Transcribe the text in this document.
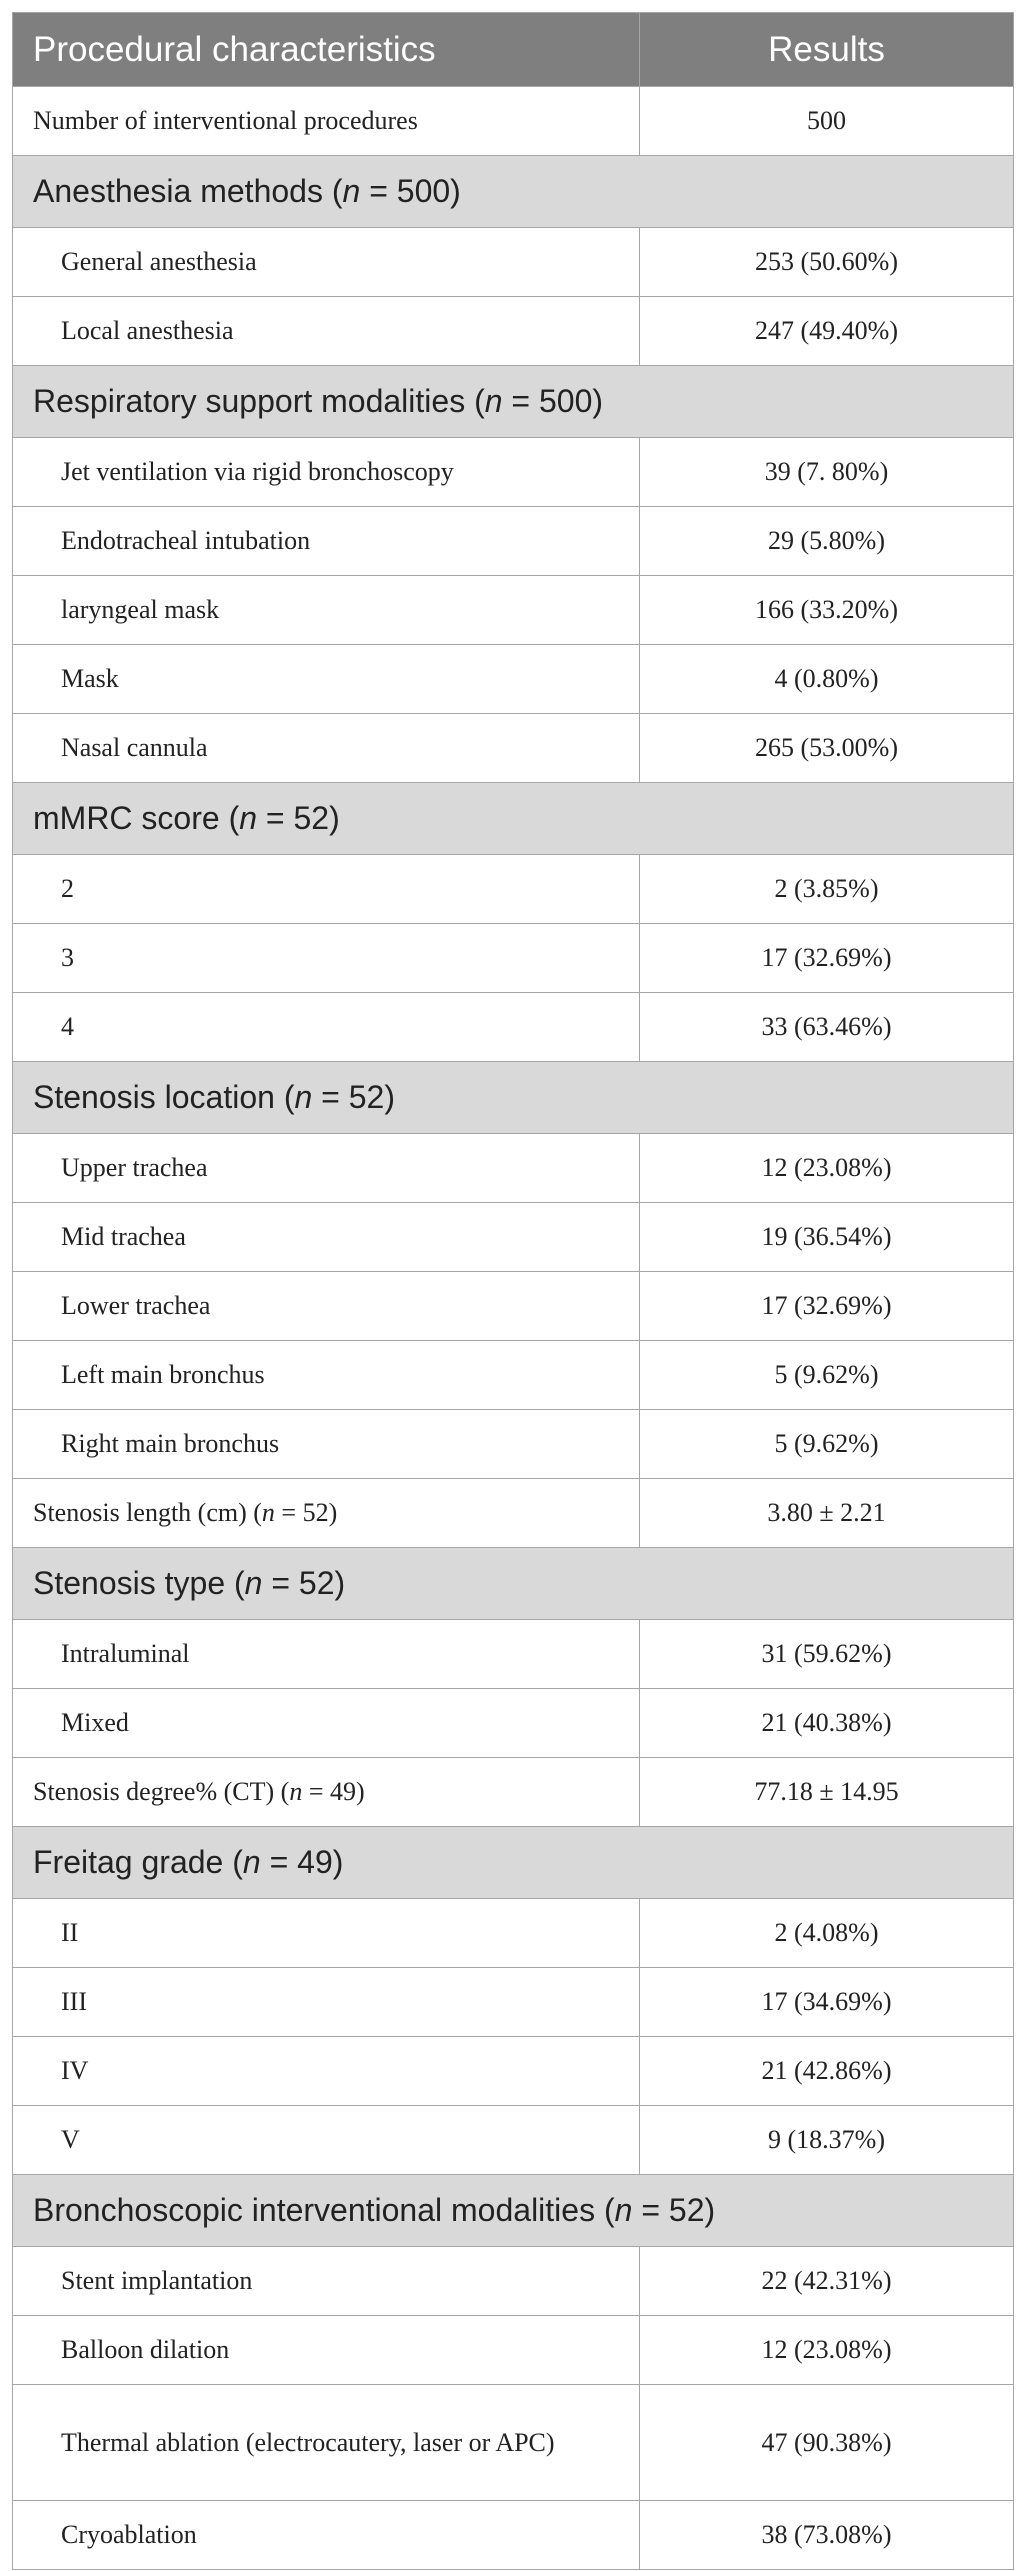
Procedural characteristics	Results
Number of interventional procedures	500
Anesthesia methods (n = 500)	
General anesthesia	253 (50.60%)
Local anesthesia	247 (49.40%)
Respiratory support modalities (n = 500)	
Jet ventilation via rigid bronchoscopy	39 (7. 80%)
Endotracheal intubation	29 (5.80%)
laryngeal mask	166 (33.20%)
Mask	4 (0.80%)
Nasal cannula	265 (53.00%)
mMRC score (n = 52)	
2	2 (3.85%)
3	17 (32.69%)
4	33 (63.46%)
Stenosis location (n = 52)	
Upper trachea	12 (23.08%)
Mid trachea	19 (36.54%)
Lower trachea	17 (32.69%)
Left main bronchus	5 (9.62%)
Right main bronchus	5 (9.62%)
Stenosis length (cm) (n = 52)	3.80 ± 2.21
Stenosis type (n = 52)	
Intraluminal	31 (59.62%)
Mixed	21 (40.38%)
Stenosis degree% (CT) (n = 49)	77.18 ± 14.95
Freitag grade (n = 49)	
II	2 (4.08%)
III	17 (34.69%)
IV	21 (42.86%)
V	9 (18.37%)
Bronchoscopic interventional modalities (n = 52)	
Stent implantation	22 (42.31%)
Balloon dilation	12 (23.08%)
Thermal ablation (electrocautery, laser or APC)	47 (90.38%)
Cryoablation	38 (73.08%)
